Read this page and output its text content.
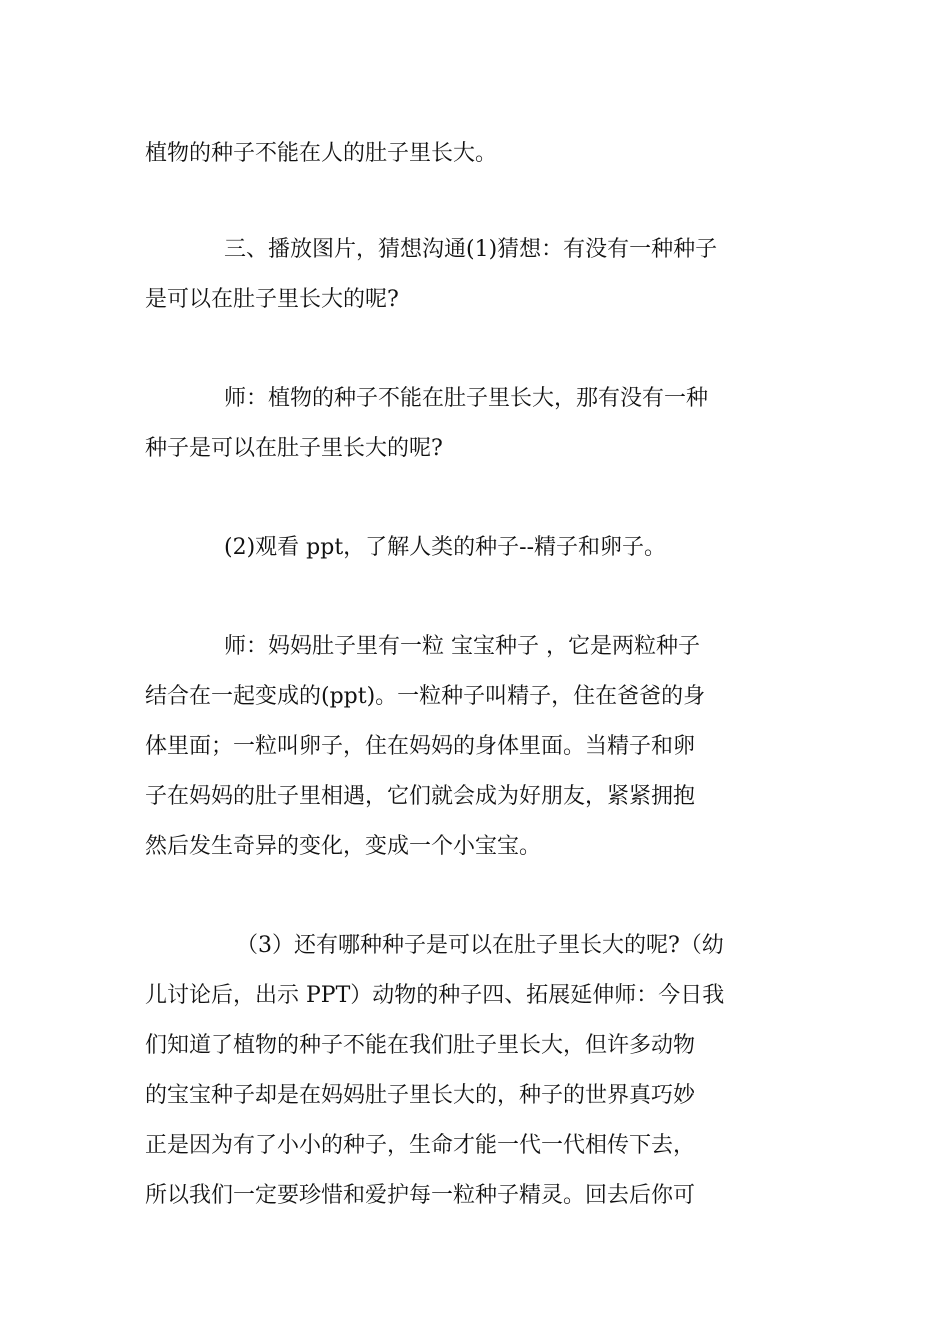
植物的种子不能在人的肚子里长大。
三、播放图片，猜想沟通(1)猜想：有没有一种种子
是可以在肚子里长大的呢?
师：植物的种子不能在肚子里长大，那有没有一种
种子是可以在肚子里长大的呢?
(2)观看 ppt，了解人类的种子--精子和卵子。
师：妈妈肚子里有一粒 宝宝种子 ，它是两粒种子
结合在一起变成的(ppt)。一粒种子叫精子，住在爸爸的身
体里面；一粒叫卵子，住在妈妈的身体里面。当精子和卵
子在妈妈的肚子里相遇，它们就会成为好朋友，紧紧拥抱
然后发生奇异的变化，变成一个小宝宝。
（3）还有哪种种子是可以在肚子里长大的呢?（幼
儿讨论后，出示 PPT）动物的种子四、拓展延伸师：今日我
们知道了植物的种子不能在我们肚子里长大，但许多动物
的宝宝种子却是在妈妈肚子里长大的，种子的世界真巧妙
正是因为有了小小的种子，生命才能一代一代相传下去，
所以我们一定要珍惜和爱护每一粒种子精灵。回去后你可
